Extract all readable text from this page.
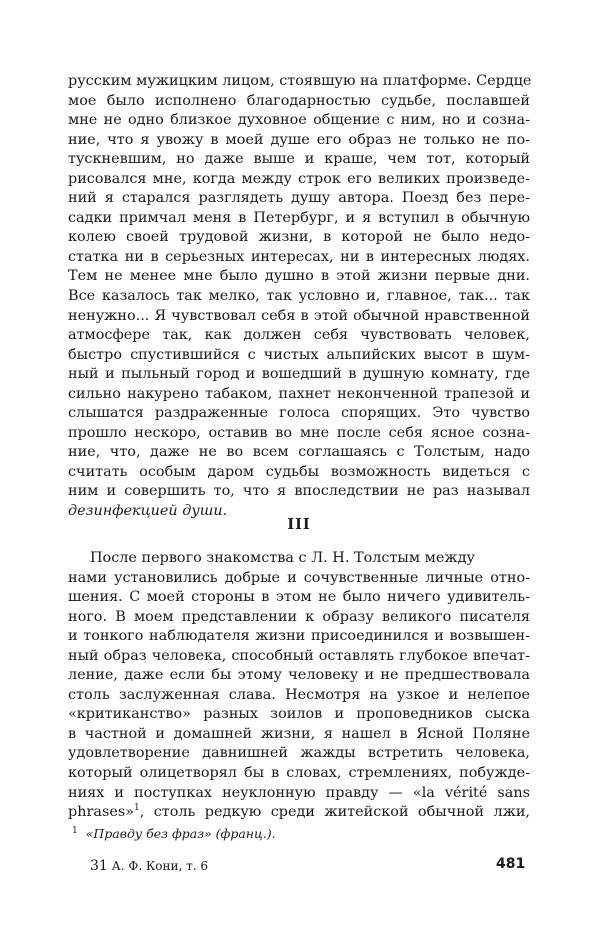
русским мужицким лицом, стоявшую на платформе. Сердце
мое было исполнено благодарностью судьбе, пославшей
мне не одно близкое духовное общение с ним, но и созна-
ние, что я увожу в моей душе его образ не только не по-
тускневшим, но даже выше и краше, чем тот, который
рисовался мне, когда между строк его великих произведе-
ний я старался разглядеть душу автора. Поезд без пере-
садки примчал меня в Петербург, и я вступил в обычную
колею своей трудовой жизни, в которой не было недо-
статка ни в серьезных интересах, ни в интересных людях.
Тем не менее мне было душно в этой жизни первые дни.
Все казалось так мелко, так условно и, главное, так... так
ненужно... Я чувствовал себя в этой обычной нравственной
атмосфере так, как должен себя чувствовать человек,
быстро спустившийся с чистых альпийских высот в шум-
ный и пыльный город и вошедший в душную комнату, где
сильно накурено табаком, пахнет неконченной трапезой и
слышатся раздраженные голоса спорящих. Это чувство
прошло нескоро, оставив во мне после себя ясное созна-
ние, что, даже не во всем соглашаясь с Толстым, надо
считать особым даром судьбы возможность видеться с
ним и совершить то, что я впоследствии не раз называл
дезинфекцией души.
III
После первого знакомства с Л. Н. Толстым между
нами установились добрые и сочувственные личные отно-
шения. С моей стороны в этом не было ничего удивитель-
ного. В моем представлении к образу великого писателя
и тонкого наблюдателя жизни присоединился и возвышен-
ный образ человека, способный оставлять глубокое впечат-
ление, даже если бы этому человеку и не предшествовала
столь заслуженная слава. Несмотря на узкое и нелепое
«критиканство» разных зоилов и проповедников сыска
в частной и домашней жизни, я нашел в Ясной Поляне
удовлетворение давнишней жажды встретить человека,
который олицетворял бы в словах, стремлениях, побужде-
ниях и поступках неуклонную правду — «la vérité sans
phrases»$^1$, столь редкую среди житейской обычной лжи,
$^1$ «Правду без фраз» (франц.).
31 А. Ф. Кони, т. 6	481
